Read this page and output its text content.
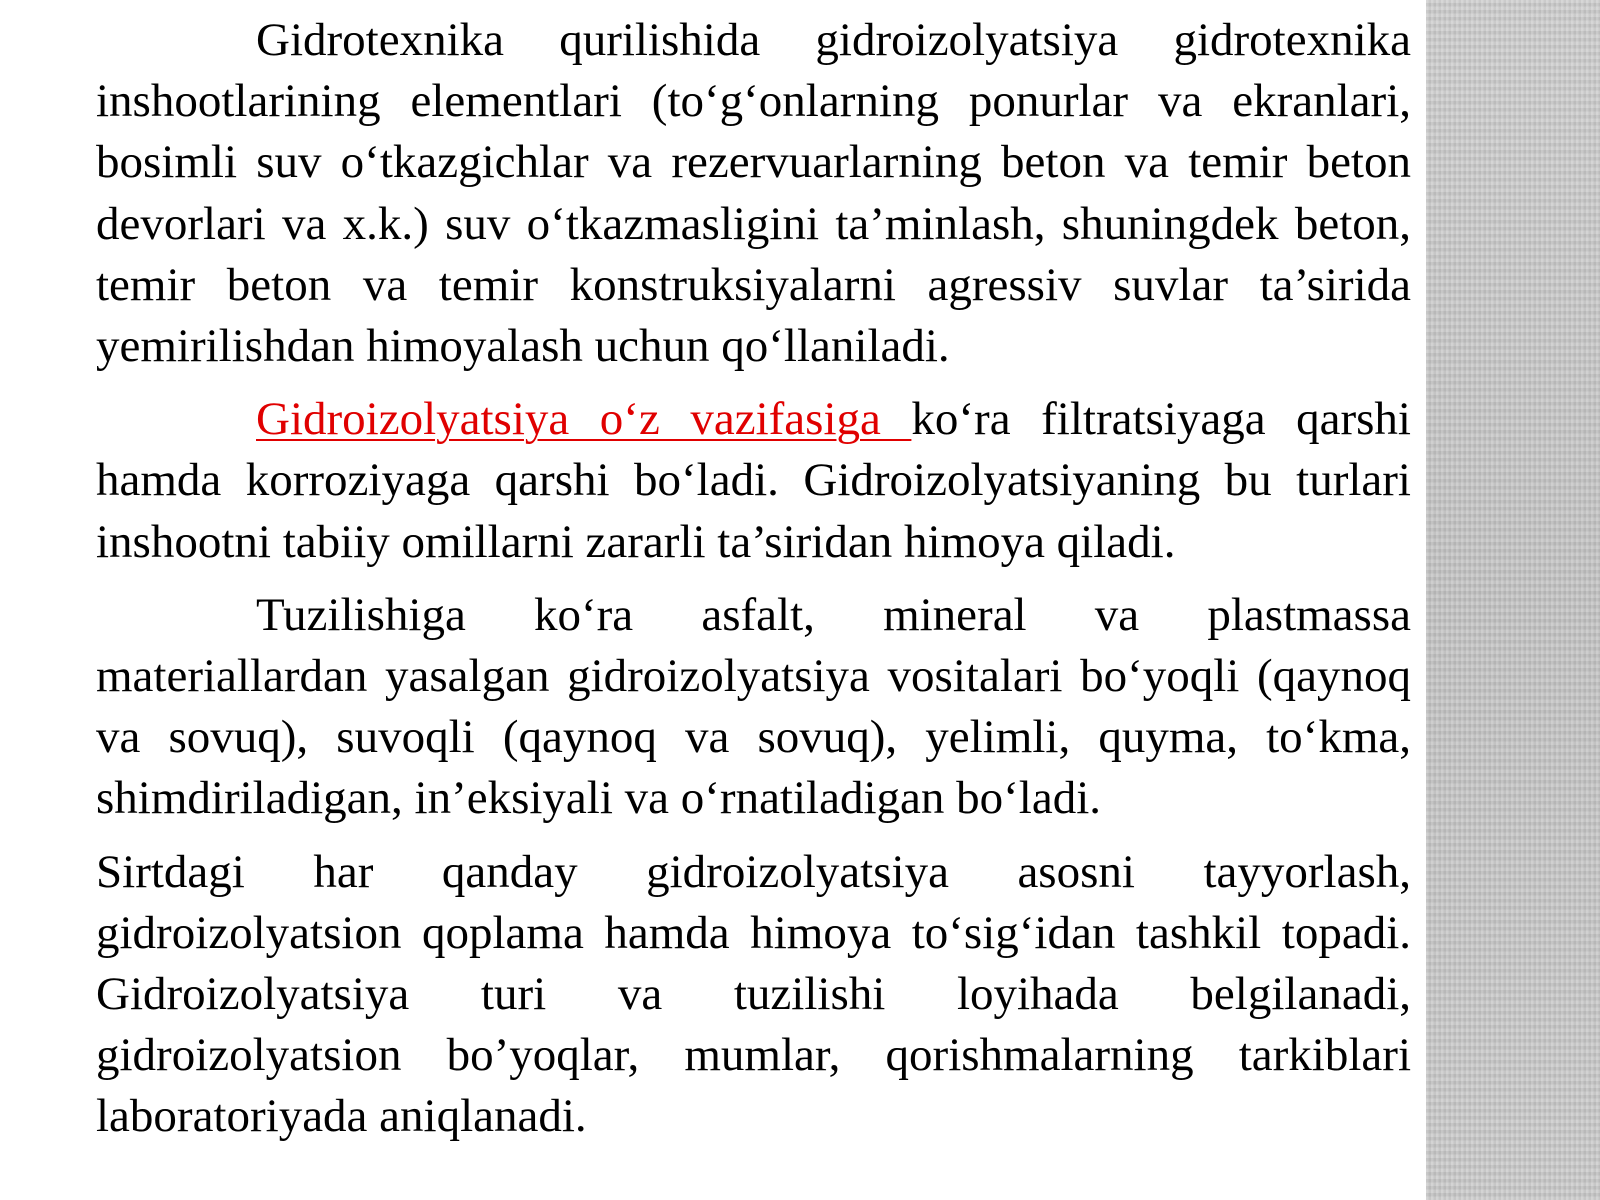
Gidrotexnika qurilishida gidroizolyatsiya gidrotexnika inshootlarining elementlari (to‘g‘onlarning ponurlar va ekranlari, bosimli suv o‘tkazgichlar va rezervuarlarning beton va temir beton devorlari va x.k.) suv o‘tkazmasligini ta’minlash, shuningdek beton, temir beton va temir konstruksiyalarni agressiv suvlar ta’sirida yemirilishdan himoyalash uchun qo‘llaniladi.

Gidroizolyatsiya o‘z vazifasiga ko‘ra filtratsiyaga qarshi hamda korroziyaga qarshi bo‘ladi. Gidroizolyatsiyaning bu turlari inshootni tabiiy omillarni zararli ta’siridan himoya qiladi.

Tuzilishiga ko‘ra asfalt, mineral va plastmassa materiallardan yasalgan gidroizolyatsiya vositalari bo‘yoqli (qaynoq va sovuq), suvoqli (qaynoq va sovuq), yelimli, quyma, to‘kma, shimdiriladigan, in’eksiyali va o‘rnatiladigan bo‘ladi.

Sirtdagi har qanday gidroizolyatsiya asosni tayyorlash, gidroizolyatsion qoplama hamda himoya to‘sig‘idan tashkil topadi. Gidroizolyatsiya turi va tuzilishi loyihada belgilanadi, gidroizolyatsion bo’yoqlar, mumlar, qorishmalarning tarkiblari laboratoriyada aniqlanadi.
